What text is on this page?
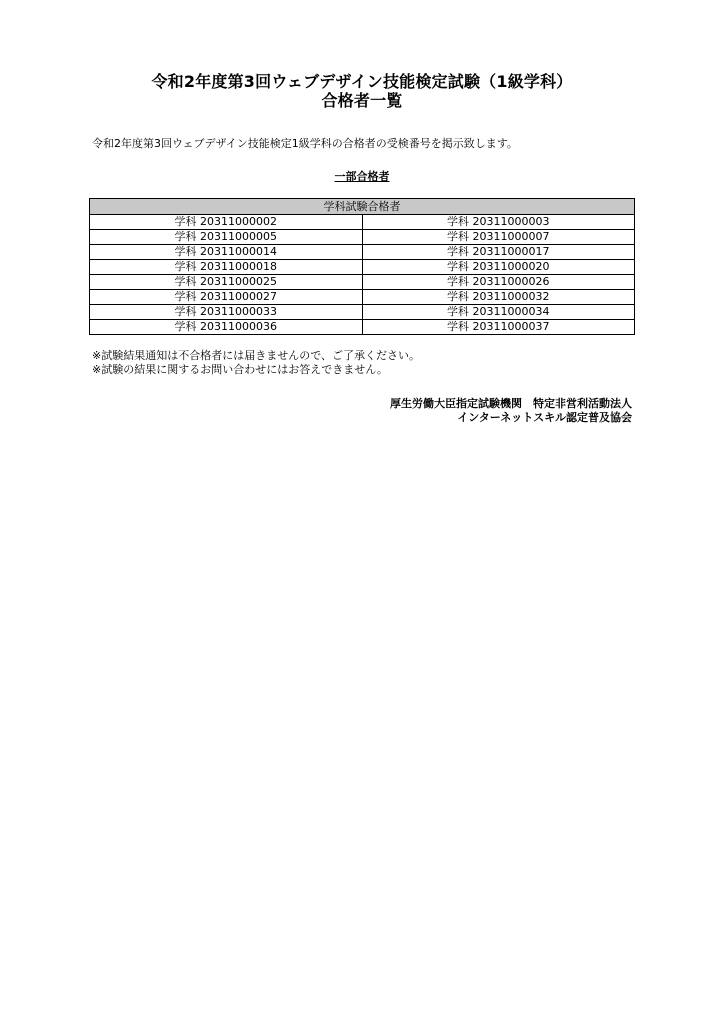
令和2年度第3回ウェブデザイン技能検定試験（1級学科）
合格者一覧
令和2年度第3回ウェブデザイン技能検定1級学科の合格者の受検番号を掲示致します。
一部合格者
学科試験合格者	
学科 20311000002	学科 20311000003
学科 20311000005	学科 20311000007
学科 20311000014	学科 20311000017
学科 20311000018	学科 20311000020
学科 20311000025	学科 20311000026
学科 20311000027	学科 20311000032
学科 20311000033	学科 20311000034
学科 20311000036	学科 20311000037
※試験結果通知は不合格者には届きませんので、ご了承ください。
※試験の結果に関するお問い合わせにはお答えできません。
厚生労働大臣指定試験機関　特定非営利活動法人
インターネットスキル認定普及協会
